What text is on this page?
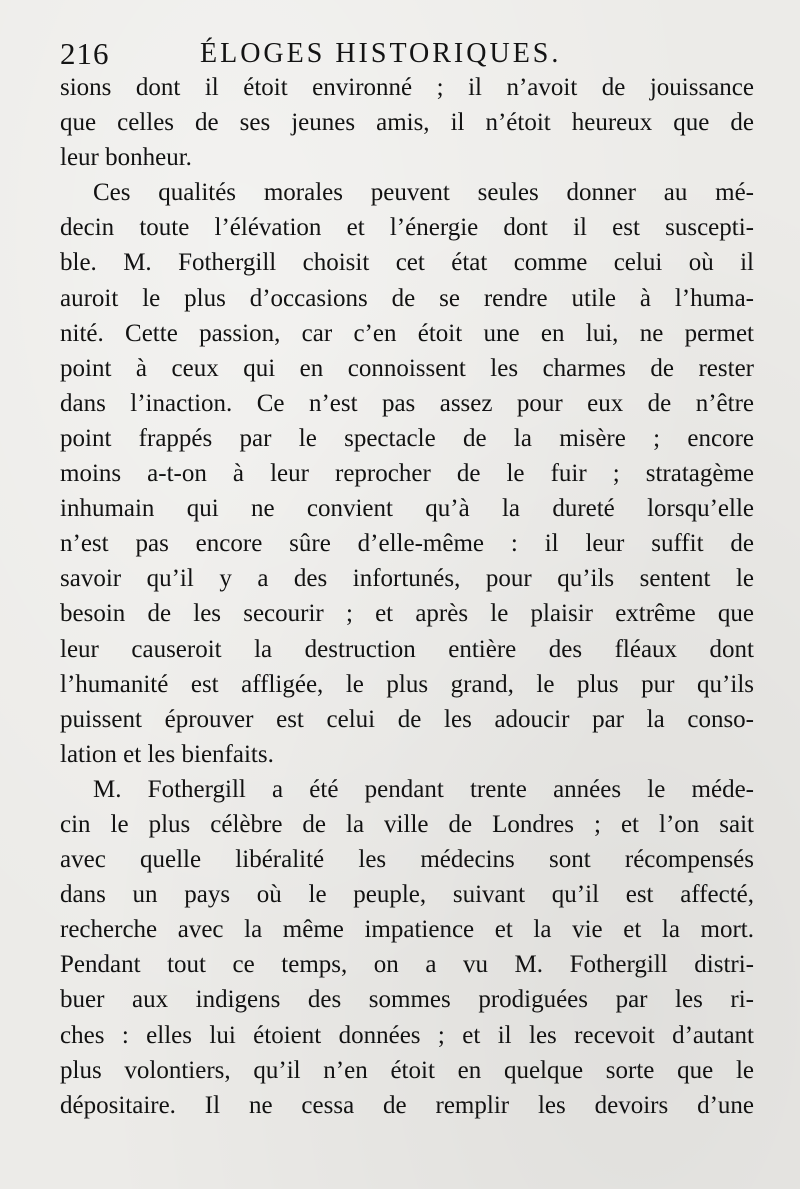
216	ÉLOGES HISTORIQUES.
sions dont il étoit environné ; il n’avoit de jouissance
que celles de ses jeunes amis, il n’étoit heureux que de
leur bonheur.
Ces qualités morales peuvent seules donner au mé-
decin toute l’élévation et l’énergie dont il est suscepti-
ble. M. Fothergill choisit cet état comme celui où il
auroit le plus d’occasions de se rendre utile à l’huma-
nité. Cette passion, car c’en étoit une en lui, ne permet
point à ceux qui en connoissent les charmes de rester
dans l’inaction. Ce n’est pas assez pour eux de n’être
point frappés par le spectacle de la misère ; encore
moins a-t-on à leur reprocher de le fuir ; stratagème
inhumain qui ne convient qu’à la dureté lorsqu’elle
n’est pas encore sûre d’elle-même : il leur suffit de
savoir qu’il y a des infortunés, pour qu’ils sentent le
besoin de les secourir ; et après le plaisir extrême que
leur causeroit la destruction entière des fléaux dont
l’humanité est affligée, le plus grand, le plus pur qu’ils
puissent éprouver est celui de les adoucir par la conso-
lation et les bienfaits.
M. Fothergill a été pendant trente années le méde-
cin le plus célèbre de la ville de Londres ; et l’on sait
avec quelle libéralité les médecins sont récompensés
dans un pays où le peuple, suivant qu’il est affecté,
recherche avec la même impatience et la vie et la mort.
Pendant tout ce temps, on a vu M. Fothergill distri-
buer aux indigens des sommes prodiguées par les ri-
ches : elles lui étoient données ; et il les recevoit d’autant
plus volontiers, qu’il n’en étoit en quelque sorte que le
dépositaire. Il ne cessa de remplir les devoirs d’une
